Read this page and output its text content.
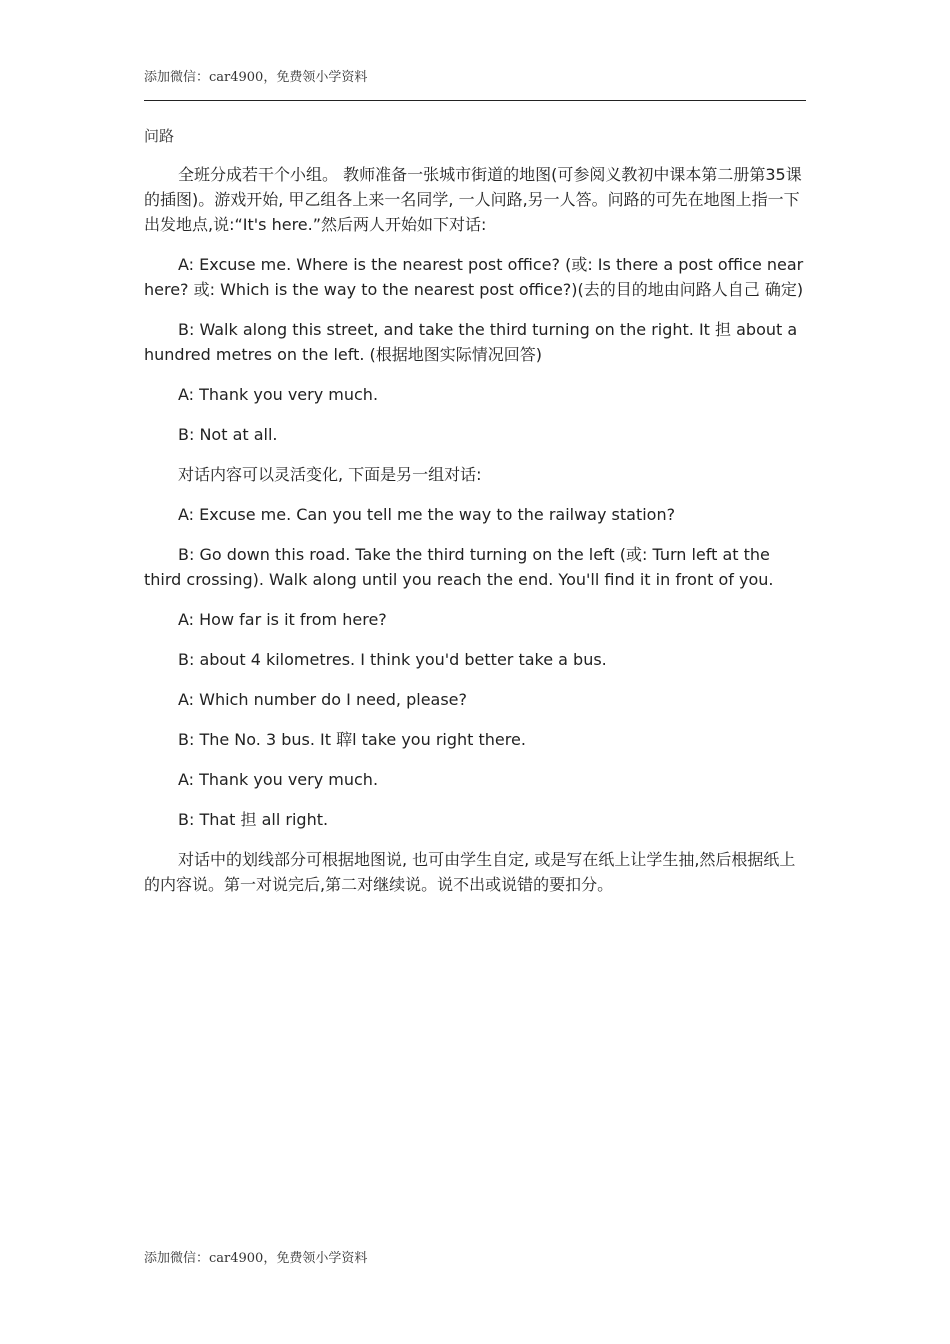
添加微信：car4900，免费领小学资料
问路

全班分成若干个小组。 教师准备一张城市街道的地图(可参阅义教初中课本第二册第35课的插图)。游戏开始, 甲乙组各上来一名同学, 一人问路,另一人答。问路的可先在地图上指一下出发地点,说:“It's here.”然后两人开始如下对话:

A: Excuse me. Where is the nearest post office? (或: Is there a post office near here? 或: Which is the way to the nearest post office?)(去的目的地由问路人自己 确定)

B: Walk along this street, and take the third turning on the right. It 担 about a hundred metres on the left. (根据地图实际情况回答)

A: Thank you very much.

B: Not at all.

对话内容可以灵活变化, 下面是另一组对话:

A: Excuse me. Can you tell me the way to the railway station?

B: Go down this road. Take the third turning on the left (或: Turn left at the third crossing). Walk along until you reach the end. You'll find it in front of you.

A: How far is it from here?

B: about 4 kilometres. I think you'd better take a bus.

A: Which number do I need, please?

B: The No. 3 bus. It 䏁l take you right there.

A: Thank you very much.

B: That 担 all right.

对话中的划线部分可根据地图说, 也可由学生自定, 或是写在纸上让学生抽,然后根据纸上的内容说。第一对说完后,第二对继续说。说不出或说错的要扣分。

添加微信：car4900，免费领小学资料
